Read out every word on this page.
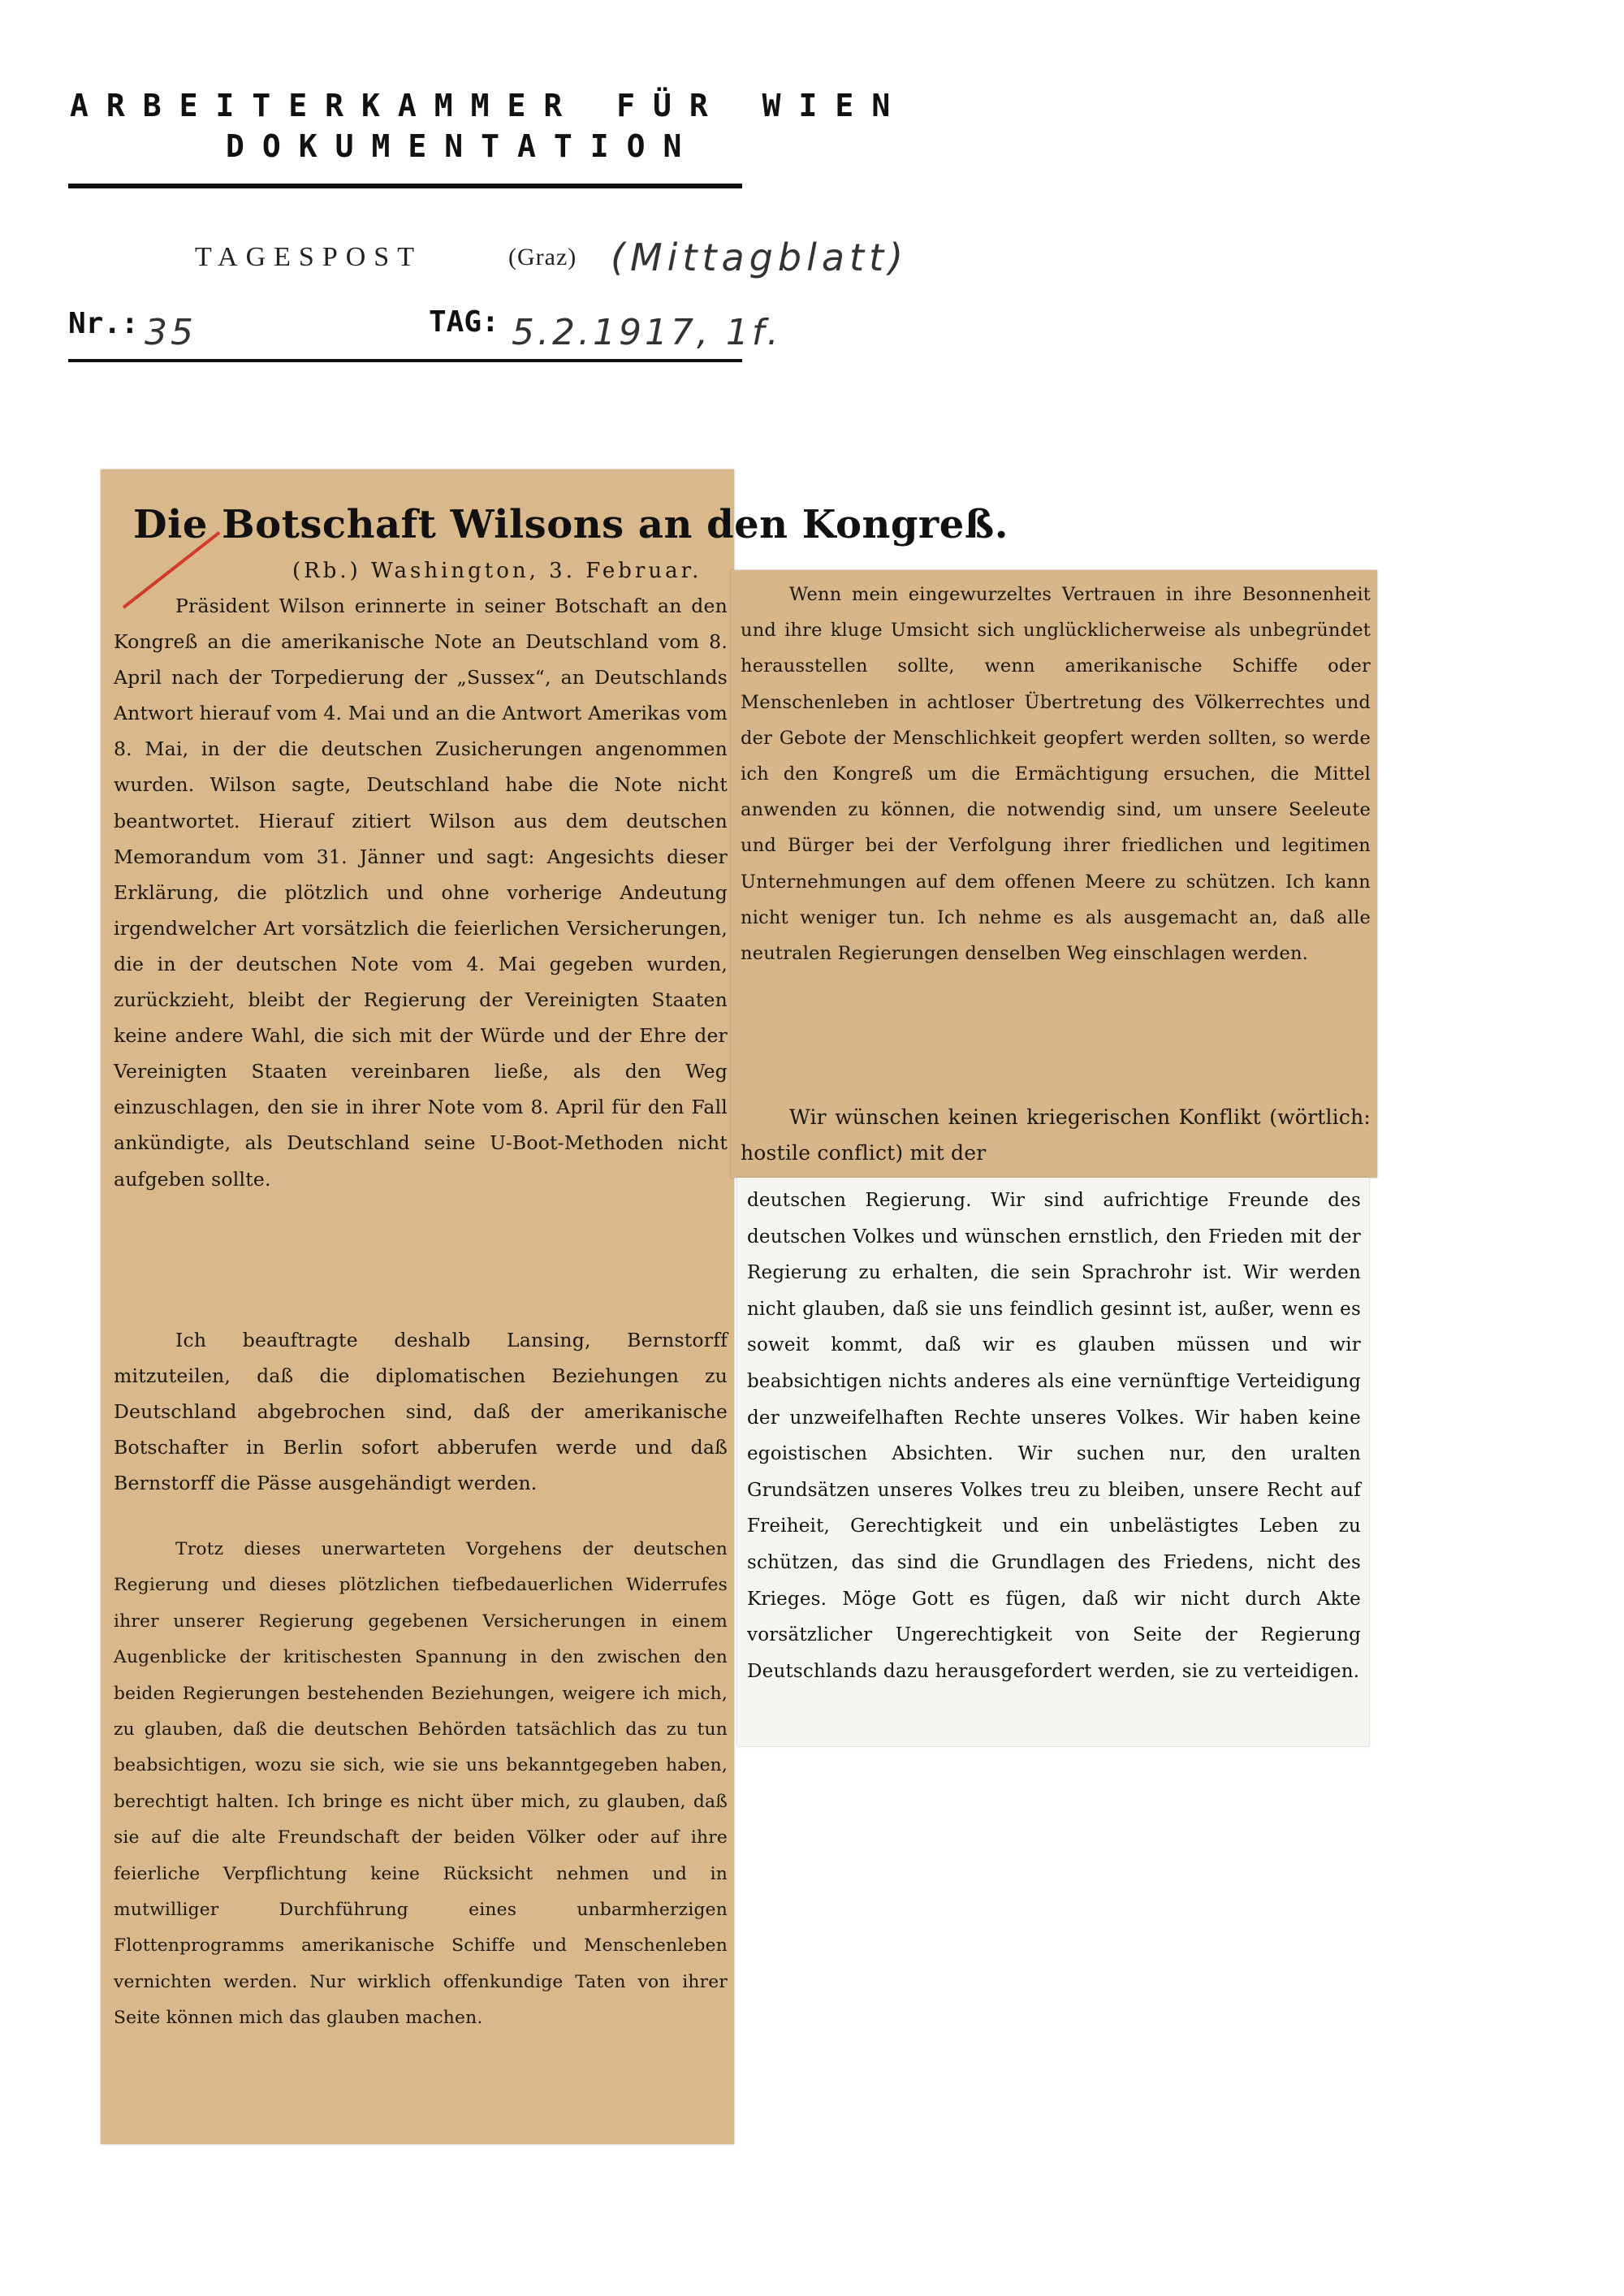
ARBEITERKAMMER FÜR WIEN
DOKUMENTATION
TAGESPOST	(Graz) (Mittagblatt)
Nr.: 35	TAG: 5.2.1917, 1f.
Die Botschaft Wilsons an den Kongreß.
(Rb.) Washington, 3. Februar.

Präsident Wilson erinnerte in seiner Botschaft an den Kongreß an die amerikanische Note an Deutschland vom 8. April nach der Torpedierung der „Sussex“, an Deutschlands Antwort hierauf vom 4. Mai und an die Antwort Amerikas vom 8. Mai, in der die deutschen Zusicherungen angenommen wurden. Wilson sagte, Deutschland habe die Note nicht beantwortet. Hierauf zitiert Wilson aus dem deutschen Memorandum vom 31. Jänner und sagt: Angesichts dieser Erklärung, die plötzlich und ohne vorherige Andeutung irgendwelcher Art vorsätzlich die feierlichen Versicherungen, die in der deutschen Note vom 4. Mai gegeben wurden, zurückzieht, bleibt der Regierung der Vereinigten Staaten keine andere Wahl, die sich mit der Würde und der Ehre der Vereinigten Staaten vereinbaren ließe, als den Weg einzuschlagen, den sie in ihrer Note vom 8. April für den Fall ankündigte, als Deutschland seine U-Boot-Methoden nicht aufgeben sollte.

Ich beauftragte deshalb Lansing, Bernstorff mitzuteilen, daß die diplomatischen Beziehungen zu Deutschland abgebrochen sind, daß der amerikanische Botschafter in Berlin sofort abberufen werde und daß Bernstorff die Pässe ausgehändigt werden.

Trotz dieses unerwarteten Vorgehens der deutschen Regierung und dieses plötzlichen tiefbedauerlichen Widerrufes ihrer unserer Regierung gegebenen Versicherungen in einem Augenblicke der kritischesten Spannung in den zwischen den beiden Regierungen bestehenden Beziehungen, weigere ich mich, zu glauben, daß die deutschen Behörden tatsächlich das zu tun beabsichtigen, wozu sie sich, wie sie uns bekanntgegeben haben, berechtigt halten. Ich bringe es nicht über mich, zu glauben, daß sie auf die alte Freundschaft der beiden Völker oder auf ihre feierliche Verpflichtung keine Rücksicht nehmen und in mutwilliger Durchführung eines unbarmherzigen Flottenprogramms amerikanische Schiffe und Menschenleben vernichten werden. Nur wirklich offenkundige Taten von ihrer Seite können mich das glauben machen.

Wenn mein eingewurzeltes Vertrauen in ihre Besonnenheit und ihre kluge Umsicht sich unglücklicherweise als unbegründet herausstellen sollte, wenn amerikanische Schiffe oder Menschenleben in achtloser Übertretung des Völkerrechtes und der Gebote der Menschlichkeit geopfert werden sollten, so werde ich den Kongreß um die Ermächtigung ersuchen, die Mittel anwenden zu können, die notwendig sind, um unsere Seeleute und Bürger bei der Verfolgung ihrer friedlichen und legitimen Unternehmungen auf dem offenen Meere zu schützen. Ich kann nicht weniger tun. Ich nehme es als ausgemacht an, daß alle neutralen Regierungen denselben Weg einschlagen werden.

Wir wünschen keinen kriegerischen Konflikt (wörtlich: hostile conflict) mit der

deutschen Regierung. Wir sind aufrichtige Freunde des deutschen Volkes und wünschen ernstlich, den Frieden mit der Regierung zu erhalten, die sein Sprachrohr ist. Wir werden nicht glauben, daß sie uns feindlich gesinnt ist, außer, wenn es soweit kommt, daß wir es glauben müssen und wir beabsichtigen nichts anderes als eine vernünftige Verteidigung der unzweifelhaften Rechte unseres Volkes. Wir haben keine egoistischen Absichten. Wir suchen nur, den uralten Grundsätzen unseres Volkes treu zu bleiben, unsere Recht auf Freiheit, Gerechtigkeit und ein unbelästigtes Leben zu schützen, das sind die Grundlagen des Friedens, nicht des Krieges. Möge Gott es fügen, daß wir nicht durch Akte vorsätzlicher Ungerechtigkeit von Seite der Regierung Deutschlands dazu herausgefordert werden, sie zu verteidigen.
